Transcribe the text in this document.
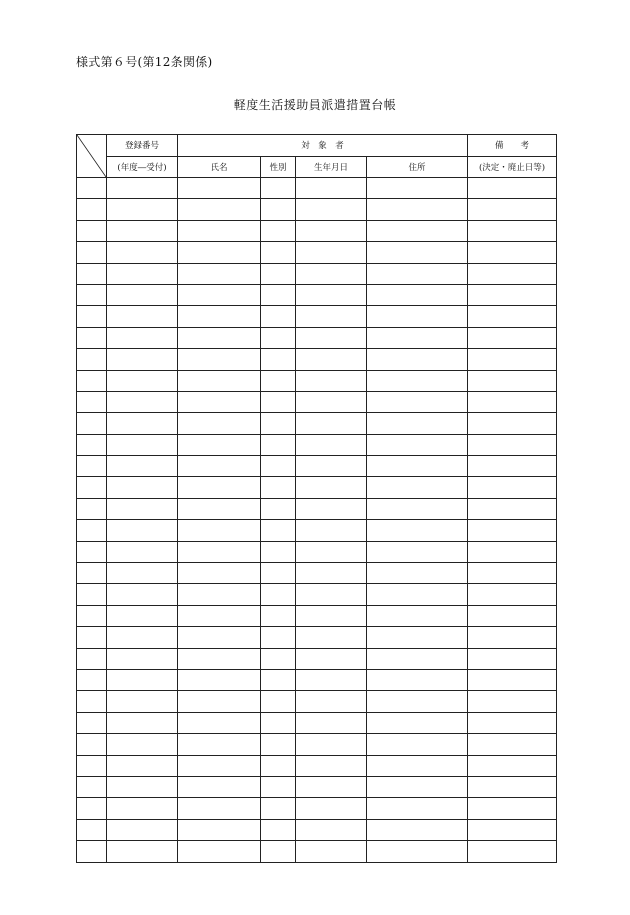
様式第６号(第12条関係)
軽度生活援助員派遣措置台帳
	登録番号	対　象　者				備　　考
	(年度―受付)	氏名	性別	生年月日	住所	(決定・廃止日等)
